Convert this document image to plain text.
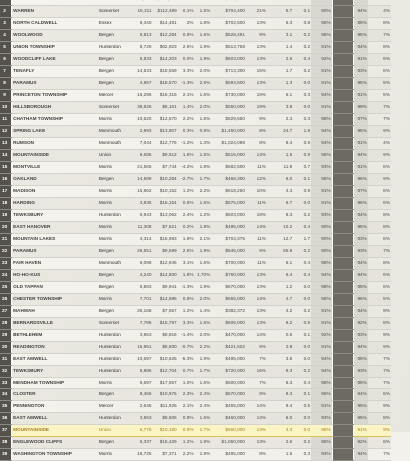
2	WARREN	Somerset	15,311	$112,489	0.1%	1.5%	$704,400	21%	5.7	0.1	90%		94%	4%
3	NORTH CALDWELL	Essex	6,340	$14,481	2%	1.8%	$702,500	13%	5.3	0.8	95%		86%	8%
4	WOOLWOOD	Bergen	5,913	$12,284	0.9%	1.6%	$528,491	9%	3.1	0.2	95%		95%	7%
5	UNION TOWNSHIP	Hunterdon	5,729	$62,923	2.6%	1.9%	$513,758	13%	1.4	0.2	91%		94%	8%
6	WOODCLIFF LAKE	Bergen	5,933	$14,203	0.0%	1.9%	$603,000	13%	2.6	0.4	92%		91%	6%
7	TENAFLY	Bergen	14,533	$18,559	3.3%	2.0%	$713,300	15%	1.7	0.2	91%		93%	6%
8	PARAMUS	Bergen	4,967	$18,570	-1.3%	2.6%	$593,500	13%	1.3	0.0	91%		95%	5%
9	PRINCETON TOWNSHIP	Mercer	16,295	$16,315	2.1%	1.6%	$730,000	19%	6.1	0.3	94%		91%	5%
10	HILLSBOROUGH	Somerset	38,826	$8,161	1.4%	2.0%	$550,000	19%	3.8	0.0	91%		99%	7%
11	CHATHAM TOWNSHIP	Morris	10,620	$12,570	2.2%	1.5%	$829,550	9%	2.3	0.3	95%		97%	7%
12	SPRING LAKE	Monmouth	2,993	$13,807	0.3%	0.8%	$1,450,000	8%	24.7	1.8	94%		95%	9%
13	RUMSON	Monmouth	7,044	$12,776	-1.2%	1.3%	$1,024,088	8%	8.4	0.9	94%		91%	4%
14	MOUNTAINSIDE	Union	6,685	$9,512	1.6%	1.5%	$515,000	14%	1.5	0.8	96%		94%	9%
15	MONTVILLE	Morris	21,565	$7,744	-4.2%	1.8%	$582,500	11%	11.9	0.7	93%		91%	6%
16	OAKLAND	Bergen	14,589	$10,284	-2.7%	1.7%	$468,300	12%	6.0	0.1	95%		96%	9%
17	MADISON	Morris	15,862	$10,152	1.2%	2.2%	$618,250	10%	4.3	0.9	91%		97%	6%
18	HARDING	Morris	3,836	$16,154	0.6%	1.6%	$575,000	11%	6.7	0.0	91%		96%	6%
19	TEWKSBURY	Hunterdon	5,943	$13,062	2.4%	1.2%	$603,000	18%	8.3	0.2	93%		94%	8%
20	EAST HANOVER	Morris	11,308	$7,621	0.2%	1.8%	$495,000	14%	10.2	0.4	90%		95%	8%
21	MOUNTAIN LAKES	Morris	4,314	$16,983	1.9%	2.1%	$704,375	11%	12.7	1.7	90%		93%	6%
22	PARAMUS	Bergen	26,551	$9,599	2.6%	1.9%	$545,000	9%	65.8	0.2	90%		93%	7%
23	FAIR HAVEN	Monmouth	6,098	$12,945	3.1%	1.6%	$700,000	11%	6.1	0.4	95%		94%	8%
24	HO-HO-KUS	Bergen	4,240	$14,800	1.8%	1.70%	$750,000	13%	6.4	0.4	94%		94%	6%
25	OLD TAPPAN	Bergen	5,883	$9,941	-1.3%	1.9%	$670,000	13%	1.2	0.0	96%		95%	6%
26	CHESTER TOWNSHIP	Morris	7,701	$14,895	0.9%	2.0%	$655,000	14%	4.7	0.0	96%		96%	5%
27	MAHWAH	Bergen	26,168	$7,657	1.2%	1.4%	$382,372	13%	4.2	0.2	91%		94%	9%
28	BERNARDSVILLE	Somerset	7,786	$15,797	3.3%	1.6%	$605,000	13%	8.2	0.5	91%		92%	8%
29	BETHLEHEM	Hunterdon	3,963	$8,816	-1.4%	2.0%	$470,000	14%	0.6	0.1	92%		93%	9%
30	READINGTON	Hunterdon	15,961	$8,600	-0.7%	2.2%	$421,502	9%	2.9	0.0	91%		94%	9%
31	EAST AMWELL	Hunterdon	10,697	$10,625	-5.3%	1.9%	$495,000	7%	3.8	0.0	94%		96%	7%
32	TEWKSBURY	Hunterdon	5,886	$12,704	0.7%	1.7%	$720,000	16%	8.3	0.2	94%		93%	7%
33	MENDHAM TOWNSHIP	Morris	5,697	$17,557	1.0%	1.6%	$600,000	7%	6.3	0.4	95%		96%	7%
34	CLOSTER	Bergen	8,466	$10,976	2.3%	2.4%	$670,000	9%	9.3	0.1	96%		94%	6%
35	PENNINGTON	Mercer	2,646	$11,926	2.1%	2.4%	$455,000	14%	9.4	0.5	91%		95%	9%
36	EAST AMWELL	Hunterdon	3,963	$8,506	0.8%	1.6%	$460,000	14%	6.0	0.0	93%		95%	8%
37	MOUNTAINSIDE	Union	6,776	$10,180	0.9%	1.7%	$560,000	13%	4.3	0.0	95%		91%	9%
38	ENGLEWOOD CLIFFS	Bergen	5,337	$15,429	1.2%	1.9%	$1,060,000	13%	2.6	0.2	95%		92%	6%
39	WASHINGTON TOWNSHIP	Morris	18,725	$7,371	2.2%	1.9%	$495,000	8%	1.5	0.3	93%		94%	7%
